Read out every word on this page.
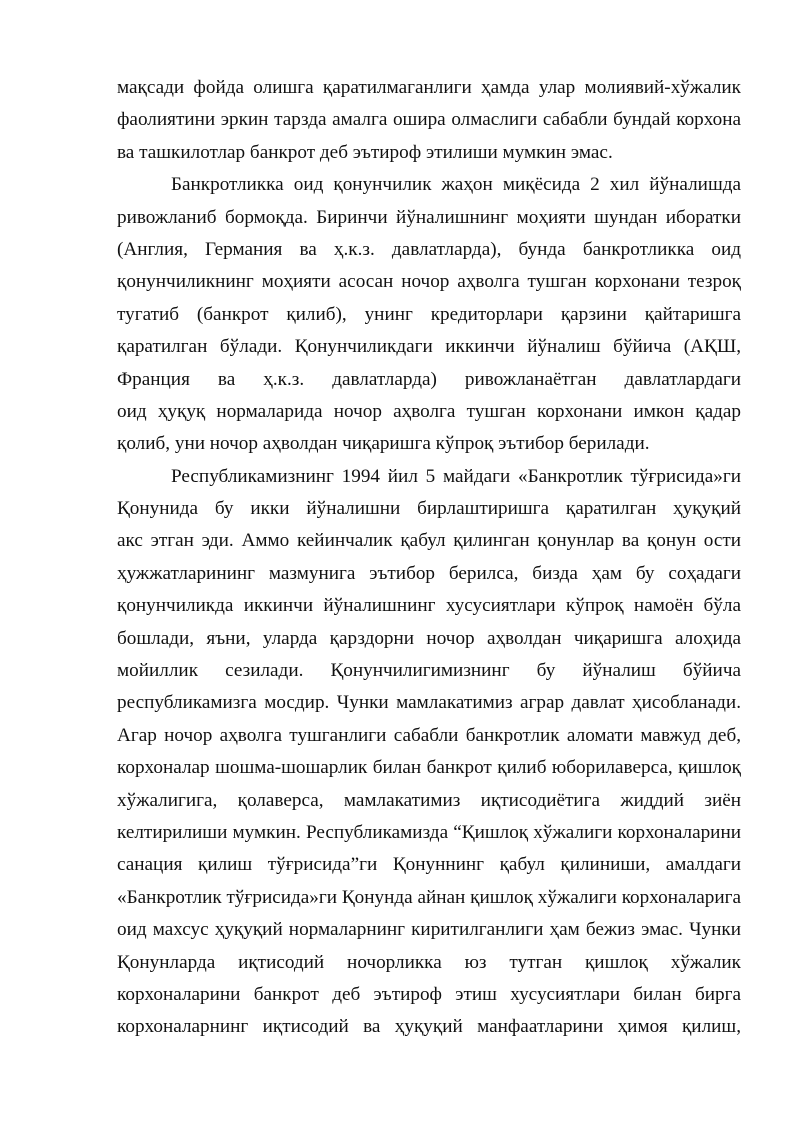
мақсади фойда олишга қаратилмаганлиги ҳамда улар молиявий-хўжалик
фаолиятини эркин тарзда амалга ошира олмаслиги сабабли бундай корхона
ва ташкилотлар банкрот деб эътироф этилиши мумкин эмас.
Банкротликка оид қонунчилик жаҳон миқёсида 2 хил йўналишда
ривожланиб бормоқда. Биринчи йўналишнинг моҳияти шундан иборатки
(Англия, Германия ва ҳ.к.з. давлатларда), бунда банкротликка оид
қонунчиликнинг моҳияти асосан ночор аҳволга тушган корхонани тезроқ
тугатиб (банкрот қилиб), унинг кредиторлари қарзини қайтаришга
қаратилган бўлади. Қонунчиликдаги иккинчи йўналиш бўйича (АҚШ,
Франция ва ҳ.к.з. давлатларда) ривожланаётган давлатлардаги
оид ҳуқуқ нормаларида ночор аҳволга тушган корхонани имкон қадар
қолиб, уни ночор аҳволдан чиқаришга кўпроқ эътибор берилади.
Республикамизнинг 1994 йил 5 майдаги «Банкротлик тўғрисида»ги
Қонунида бу икки йўналишни бирлаштиришга қаратилган ҳуқуқий
акс этган эди. Аммо кейинчалик қабул қилинган қонунлар ва қонун ости
ҳужжатларининг мазмунига эътибор берилса, бизда ҳам бу соҳадаги
қонунчиликда иккинчи йўналишнинг хусусиятлари кўпроқ намоён бўла
бошлади, яъни, уларда қарздорни ночор аҳволдан чиқаришга алоҳида
мойиллик сезилади. Қонунчилигимизнинг бу йўналиш бўйича
республикамизга мосдир. Чунки мамлакатимиз аграр давлат ҳисобланади.
Агар ночор аҳволга тушганлиги сабабли банкротлик аломати мавжуд деб,
корхоналар шошма-шошарлик билан банкрот қилиб юборилаверса, қишлоқ
хўжалигига, қолаверса, мамлакатимиз иқтисодиётига жиддий зиён
келтирилиши мумкин. Республикамизда “Қишлоқ хўжалиги корхоналарини
санация қилиш тўғрисида”ги Қонуннинг қабул қилиниши, амалдаги
«Банкротлик тўғрисида»ги Қонунда айнан қишлоқ хўжалиги корхоналарига
оид махсус ҳуқуқий нормаларнинг киритилганлиги ҳам бежиз эмас. Чунки
Қонунларда иқтисодий ночорликка юз тутган қишлоқ хўжалик
корхоналарини банкрот деб эътироф этиш хусусиятлари билан бирга
корхоналарнинг иқтисодий ва ҳуқуқий манфаатларини ҳимоя қилиш,
